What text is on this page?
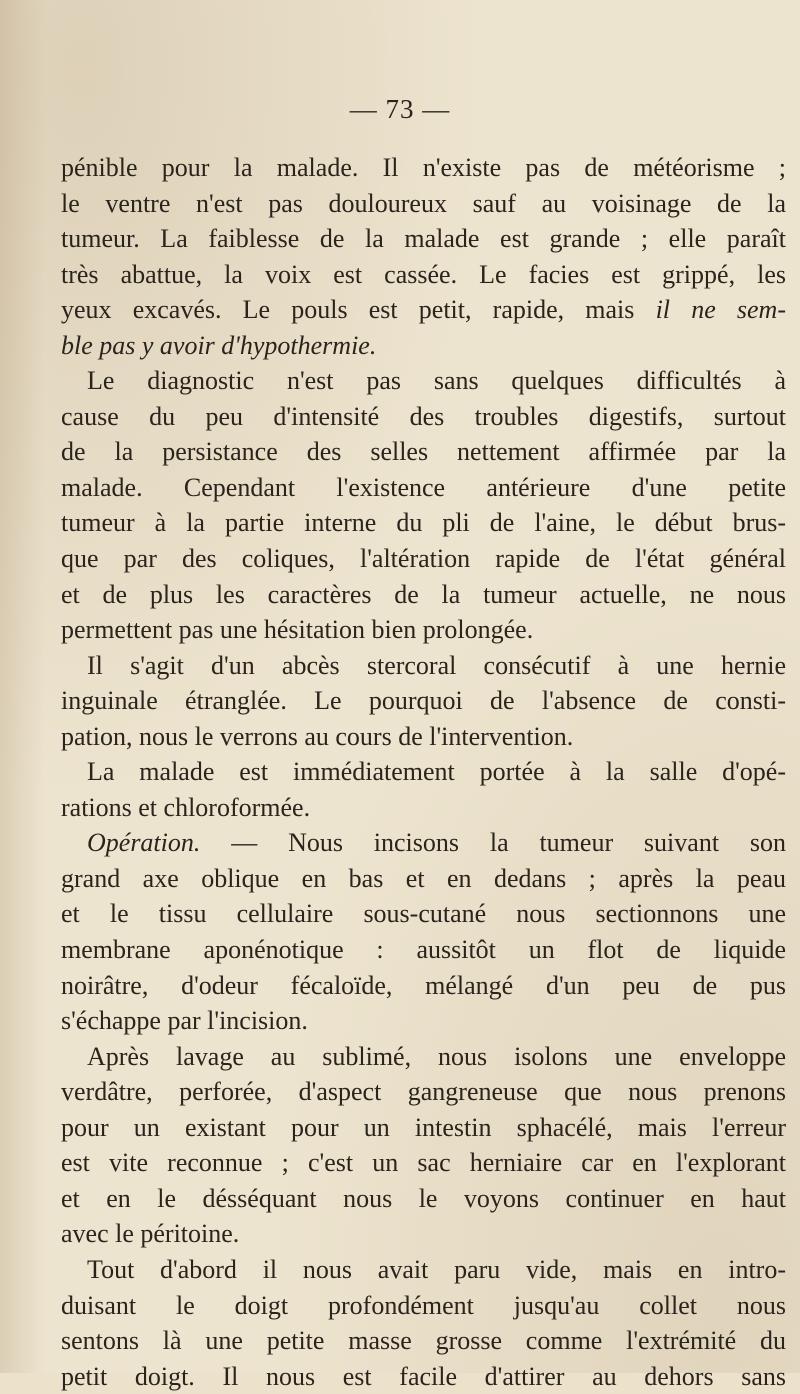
— 73 —
pénible pour la malade. Il n'existe pas de météorisme ;
le ventre n'est pas douloureux sauf au voisinage de la
tumeur. La faiblesse de la malade est grande ; elle paraît
très abattue, la voix est cassée. Le facies est grippé, les
yeux excavés. Le pouls est petit, rapide, mais il ne sem-
ble pas y avoir d'hypothermie.
Le diagnostic n'est pas sans quelques difficultés à
cause du peu d'intensité des troubles digestifs, surtout
de la persistance des selles nettement affirmée par la
malade. Cependant l'existence antérieure d'une petite
tumeur à la partie interne du pli de l'aine, le début brus-
que par des coliques, l'altération rapide de l'état général
et de plus les caractères de la tumeur actuelle, ne nous
permettent pas une hésitation bien prolongée.
Il s'agit d'un abcès stercoral consécutif à une hernie
inguinale étranglée. Le pourquoi de l'absence de consti-
pation, nous le verrons au cours de l'intervention.
La malade est immédiatement portée à la salle d'opé-
rations et chloroformée.
Opération. — Nous incisons la tumeur suivant son
grand axe oblique en bas et en dedans ; après la peau
et le tissu cellulaire sous-cutané nous sectionnons une
membrane aponénotique : aussitôt un flot de liquide
noirâtre, d'odeur fécaloïde, mélangé d'un peu de pus
s'échappe par l'incision.
Après lavage au sublimé, nous isolons une enveloppe
verdâtre, perforée, d'aspect gangreneuse que nous prenons
pour un existant pour un intestin sphacélé, mais l'erreur
est vite reconnue ; c'est un sac herniaire car en l'explorant
et en le désséquant nous le voyons continuer en haut
avec le péritoine.
Tout d'abord il nous avait paru vide, mais en intro-
duisant le doigt profondément jusqu'au collet nous
sentons là une petite masse grosse comme l'extrémité du
petit doigt. Il nous est facile d'attirer au dehors sans
